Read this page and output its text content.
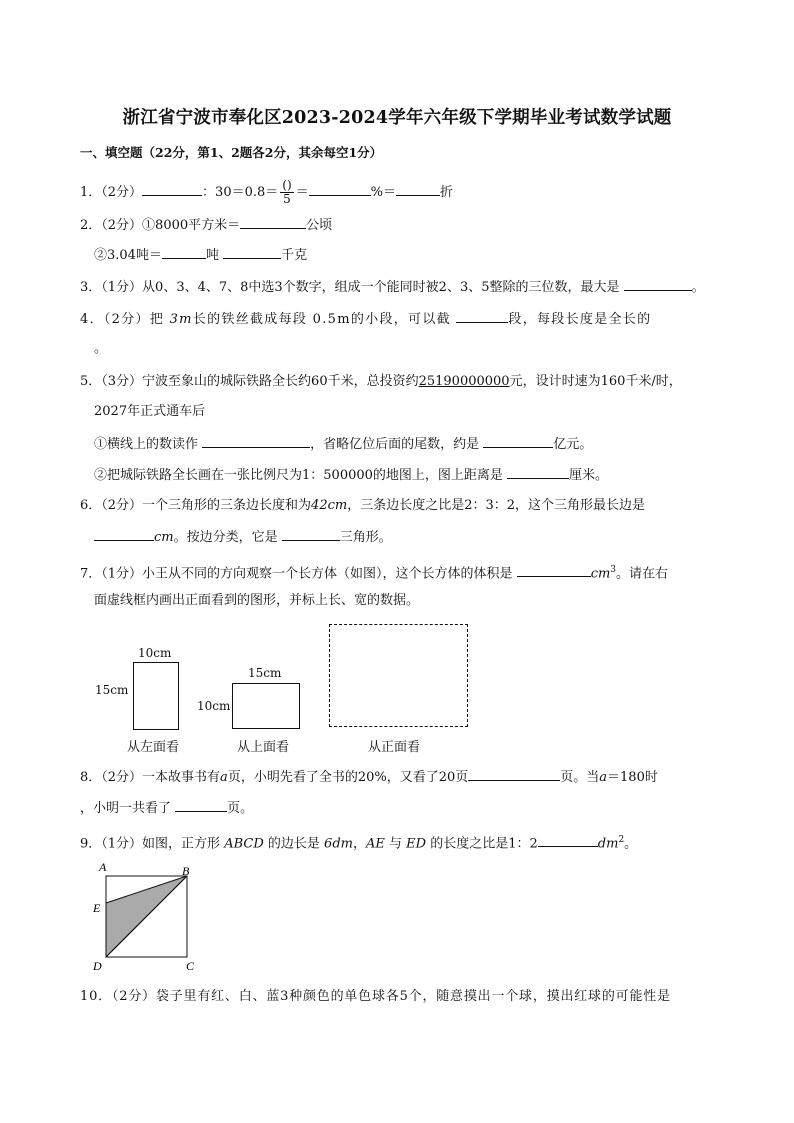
浙江省宁波市奉化区2023-2024学年六年级下学期毕业考试数学试题
一、填空题（22分，第1、2题各2分，其余每空1分）
1．（2分）	：$30=0.8= \frac{()}{5}$ ＝	%＝	折
2．（2分）①8000平方米＝	公顷
②3.04吨＝	吨	千克
3．（1分）从0、3、4、7、8中选3个数字，组成一个能同时被2、3、5整除的三位数，最大是	。
4．（2分）把 3m长的铁丝截成每段 0.5m的小段，可以截	段，每段长度是全长的
。
5．（3分）宁波至象山的城际铁路全长约60千米，总投资约25190000000元，设计时速为160千米/时，
2027年正式通车后
①横线上的数读作	，省略亿位后面的尾数，约是	亿元。
②把城际铁路全长画在一张比例尺为1：500000的地图上，图上距离是	厘米。
6．（2分）一个三角形的三条边长度和为42cm，三条边长度之比是2：3：2，这个三角形最长边是
cm。按边分类，它是	三角形。
7．（1分）小王从不同的方向观察一个长方体（如图），这个长方体的体积是	$cm^3$。请在右
面虚线框内画出正面看到的图形，并标上长、宽的数据。
10cm
15cm
从左面看
15cm
10cm
从上面看	从正面看
8．（2分）一本故事书有a页，小明先看了全书的20%，又看了20页	页。当a＝180时
，小明一共看了	页。
9．（1分）如图，正方形 ABCD 的边长是 6dm，AE 与 ED 的长度之比是1：2	$dm^2$。
A	B
E
D	C
10．（2分）袋子里有红、白、蓝3种颜色的单色球各5个，随意摸出一个球，摸出红球的可能性是
